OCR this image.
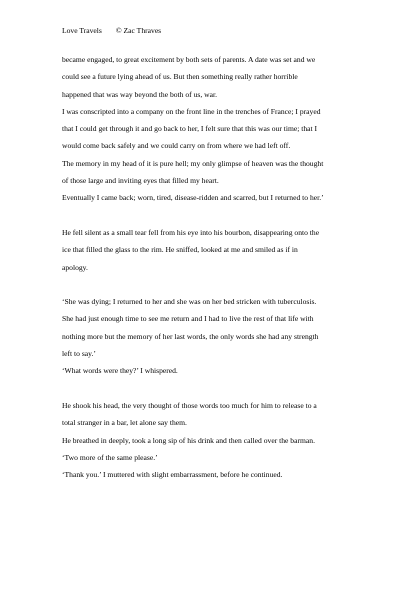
Love Travels © Zac Thraves
became engaged, to great excitement by both sets of parents. A date was set and we
could see a future lying ahead of us. But then something really rather horrible
happened that was way beyond the both of us, war.
I was conscripted into a company on the front line in the trenches of France; I prayed
that I could get through it and go back to her, I felt sure that this was our time; that I
would come back safely and we could carry on from where we had left off.
The memory in my head of it is pure hell; my only glimpse of heaven was the thought
of those large and inviting eyes that filled my heart.
Eventually I came back; worn, tired, disease-ridden and scarred, but I returned to her.’
He fell silent as a small tear fell from his eye into his bourbon, disappearing onto the
ice that filled the glass to the rim. He sniffed, looked at me and smiled as if in
apology.
‘She was dying; I returned to her and she was on her bed stricken with tuberculosis.
She had just enough time to see me return and I had to live the rest of that life with
nothing more but the memory of her last words, the only words she had any strength
left to say.’
‘What words were they?’ I whispered.
He shook his head, the very thought of those words too much for him to release to a
total stranger in a bar, let alone say them.
He breathed in deeply, took a long sip of his drink and then called over the barman.
‘Two more of the same please.’
‘Thank you.’ I muttered with slight embarrassment, before he continued.
